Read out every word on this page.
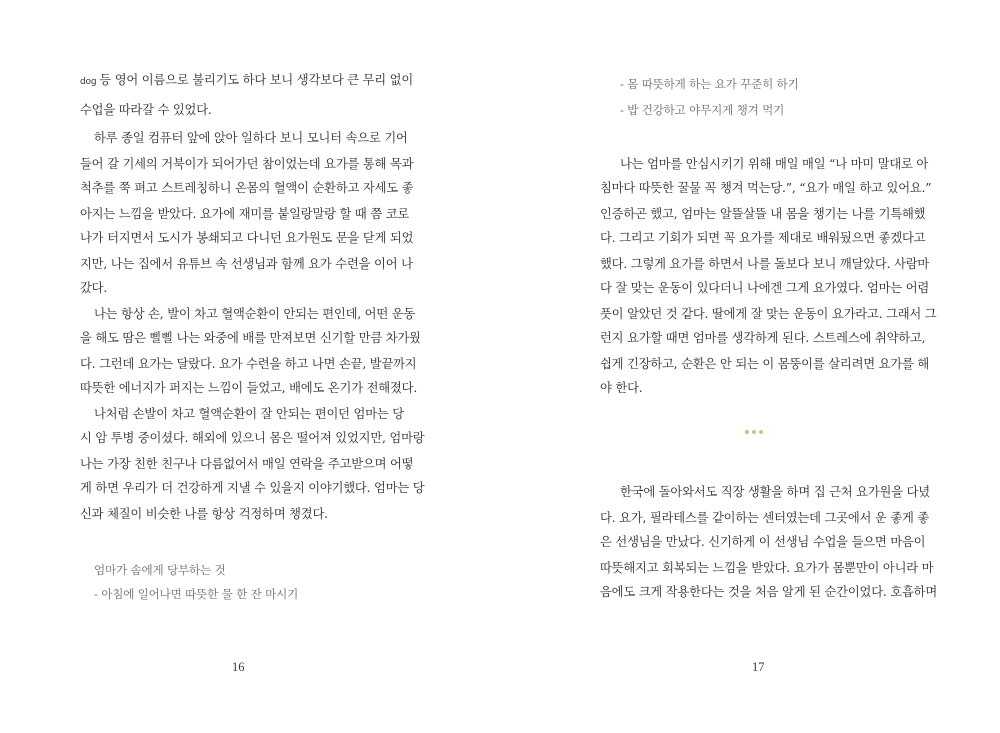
dog 등 영어 이름으로 불리기도 하다 보니 생각보다 큰 무리 없이
수업을 따라갈 수 있었다.
하루 종일 컴퓨터 앞에 앉아 일하다 보니 모니터 속으로 기어
들어 갈 기세의 거북이가 되어가던 참이었는데 요가를 통해 목과
척추를 쭉 펴고 스트레칭하니 온몸의 혈액이 순환하고 자세도 좋
아지는 느낌을 받았다. 요가에 재미를 붙일랑말랑 할 때 쯤 코로
나가 터지면서 도시가 봉쇄되고 다니던 요가원도 문을 닫게 되었
지만, 나는 집에서 유튜브 속 선생님과 함께 요가 수련을 이어 나
갔다.
나는 항상 손, 발이 차고 혈액순환이 안되는 편인데, 어떤 운동
을 해도 땀은 삘삘 나는 와중에 배를 만져보면 신기할 만큼 차가웠
다. 그런데 요가는 달랐다. 요가 수련을 하고 나면 손끝, 발끝까지
따뜻한 에너지가 퍼지는 느낌이 들었고, 배에도 온기가 전해졌다.
나처럼 손발이 차고 혈액순환이 잘 안되는 편이던 엄마는 당
시 암 투병 중이셨다. 해외에 있으니 몸은 떨어져 있었지만, 엄마랑
나는 가장 친한 친구나 다름없어서 매일 연락을 주고받으며 어떻
게 하면 우리가 더 건강하게 지낼 수 있을지 이야기했다. 엄마는 당
신과 체질이 비슷한 나를 항상 걱정하며 챙겼다.
엄마가 솜에게 당부하는 것
- 아침에 일어나면 따뜻한 물 한 잔 마시기
16
- 몸 따뜻하게 하는 요가 꾸준히 하기
- 밥 건강하고 야무지게 챙겨 먹기
나는 엄마를 안심시키기 위해 매일 매일 “나 마미 말대로 아
침마다 따뜻한 꿀물 꼭 챙겨 먹는당.”, “요가 매일 하고 있어요.”
인증하곤 했고, 엄마는 알뜰살뜰 내 몸을 챙기는 나를 기특해했
다. 그리고 기회가 되면 꼭 요가를 제대로 배워뒀으면 좋겠다고
했다. 그렇게 요가를 하면서 나를 돌보다 보니 깨달았다. 사람마
다 잘 맞는 운동이 있다더니 나에겐 그게 요가였다. 엄마는 어렴
풋이 알았던 것 같다. 딸에게 잘 맞는 운동이 요가라고. 그래서 그
런지 요가할 때면 엄마를 생각하게 된다. 스트레스에 취약하고,
쉽게 긴장하고, 순환은 안 되는 이 몸뚱이를 살리려면 요가를 해
야 한다.
한국에 돌아와서도 직장 생활을 하며 집 근처 요가원을 다녔
다. 요가, 필라테스를 같이하는 센터였는데 그곳에서 운 좋게 좋
은 선생님을 만났다. 신기하게 이 선생님 수업을 들으면 마음이
따뜻해지고 회복되는 느낌을 받았다. 요가가 몸뿐만이 아니라 마
음에도 크게 작용한다는 것을 처음 알게 된 순간이었다. 호흡하며
17
